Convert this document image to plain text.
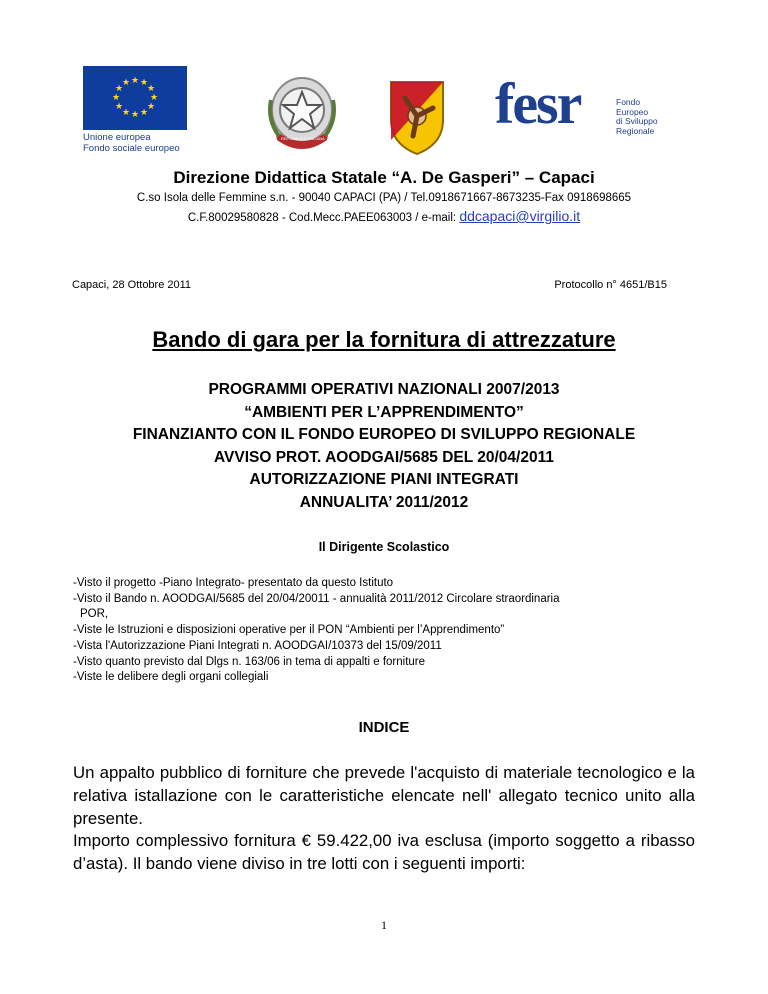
★ ★
★
★
★
★
★
★
★
★
★
★
Unione europea
Fondo sociale europeo
REPUBBLICA ITALIANA
fesr	Fondo
Europeo
di Sviluppo
Regionale
Direzione Didattica Statale “A. De Gasperi” – Capaci
C.so Isola delle Femmine s.n. - 90040 CAPACI (PA) / Tel.0918671667-8673235-Fax 0918698665
C.F.80029580828 - Cod.Mecc.PAEE063003 / e-mail: ddcapaci@virgilio.it
Capaci, 28 Ottobre 2011	Protocollo n° 4651/B15
Bando di gara per la fornitura di attrezzature
PROGRAMMI OPERATIVI NAZIONALI 2007/2013
“AMBIENTI PER L’APPRENDIMENTO”
FINANZIANTO CON IL FONDO EUROPEO DI SVILUPPO REGIONALE
AVVISO PROT. AOODGAI/5685 DEL 20/04/2011
AUTORIZZAZIONE PIANI INTEGRATI
ANNUALITA’ 2011/2012
Il Dirigente Scolastico
-Visto il progetto -Piano Integrato- presentato da questo Istituto
-Visto il Bando n. AOODGAI/5685 del 20/04/20011 - annualità 2011/2012 Circolare straordinaria
POR,
-Viste le Istruzioni e disposizioni operative per il PON “Ambienti per l’Apprendimento”
-Vista l'Autorizzazione Piani Integrati n. AOODGAI/10373 del 15/09/2011
-Visto quanto previsto dal Dlgs n. 163/06 in tema di appalti e forniture
-Viste le delibere degli organi collegiali
INDICE

Un appalto pubblico di forniture che prevede l'acquisto di materiale tecnologico e la relativa istallazione con le caratteristiche elencate nell' allegato tecnico unito alla presente.

Importo complessivo fornitura € 59.422,00 iva esclusa (importo soggetto a ribasso d’asta). Il bando viene diviso in tre lotti con i seguenti importi:

1
